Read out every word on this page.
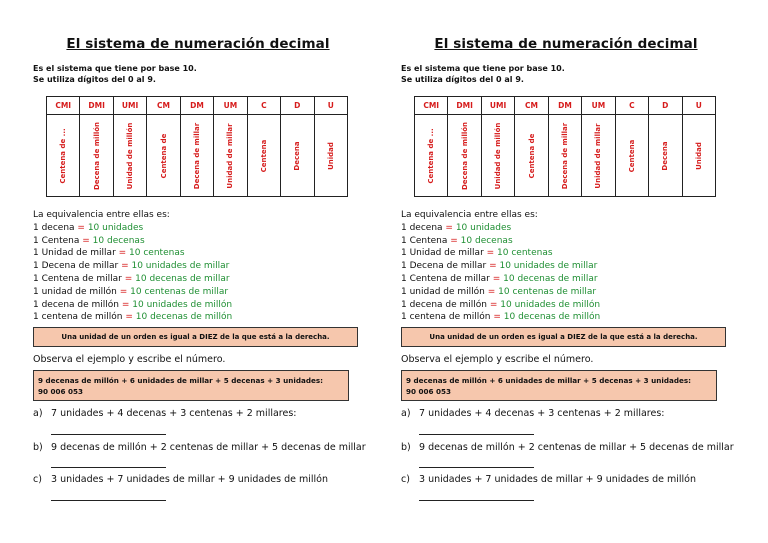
El sistema de numeración decimal
Es el sistema que tiene por base 10.
Se utiliza dígitos del 0 al 9.
CMI	DMI	UMI	CM	DM	UM	C	D	U

Centena de ...	Decena de millón	Unidad de millón	Centena de	Decena de millar	Unidad de millar	Centena	Decena	Unidad
La equivalencia entre ellas es:
1 decena = 10 unidades
1 Centena = 10 decenas
1 Unidad de millar = 10 centenas
1 Decena de millar = 10 unidades de millar
1 Centena de millar = 10 decenas de millar
1 unidad de millón = 10 centenas de millar
1 decena de millón = 10 unidades de millón
1 centena de millón = 10 decenas de millón
Una unidad de un orden es igual a DIEZ de la que está a la derecha.
Observa el ejemplo y escribe el número.
9 decenas de millón + 6 unidades de millar + 5 decenas + 3 unidades:
90 006 053
a) 7 unidades + 4 decenas + 3 centenas + 2 millares:
b) 9 decenas de millón + 2 centenas de millar + 5 decenas de millar
c) 3 unidades + 7 unidades de millar + 9 unidades de millón
El sistema de numeración decimal
Es el sistema que tiene por base 10.
Se utiliza dígitos del 0 al 9.
CMI	DMI	UMI	CM	DM	UM	C	D	U

Centena de ...	Decena de millón	Unidad de millón	Centena de	Decena de millar	Unidad de millar	Centena	Decena	Unidad
La equivalencia entre ellas es:
1 decena = 10 unidades
1 Centena = 10 decenas
1 Unidad de millar = 10 centenas
1 Decena de millar = 10 unidades de millar
1 Centena de millar = 10 decenas de millar
1 unidad de millón = 10 centenas de millar
1 decena de millón = 10 unidades de millón
1 centena de millón = 10 decenas de millón
Una unidad de un orden es igual a DIEZ de la que está a la derecha.
Observa el ejemplo y escribe el número.
9 decenas de millón + 6 unidades de millar + 5 decenas + 3 unidades:
90 006 053
a) 7 unidades + 4 decenas + 3 centenas + 2 millares:
b) 9 decenas de millón + 2 centenas de millar + 5 decenas de millar
c) 3 unidades + 7 unidades de millar + 9 unidades de millón
